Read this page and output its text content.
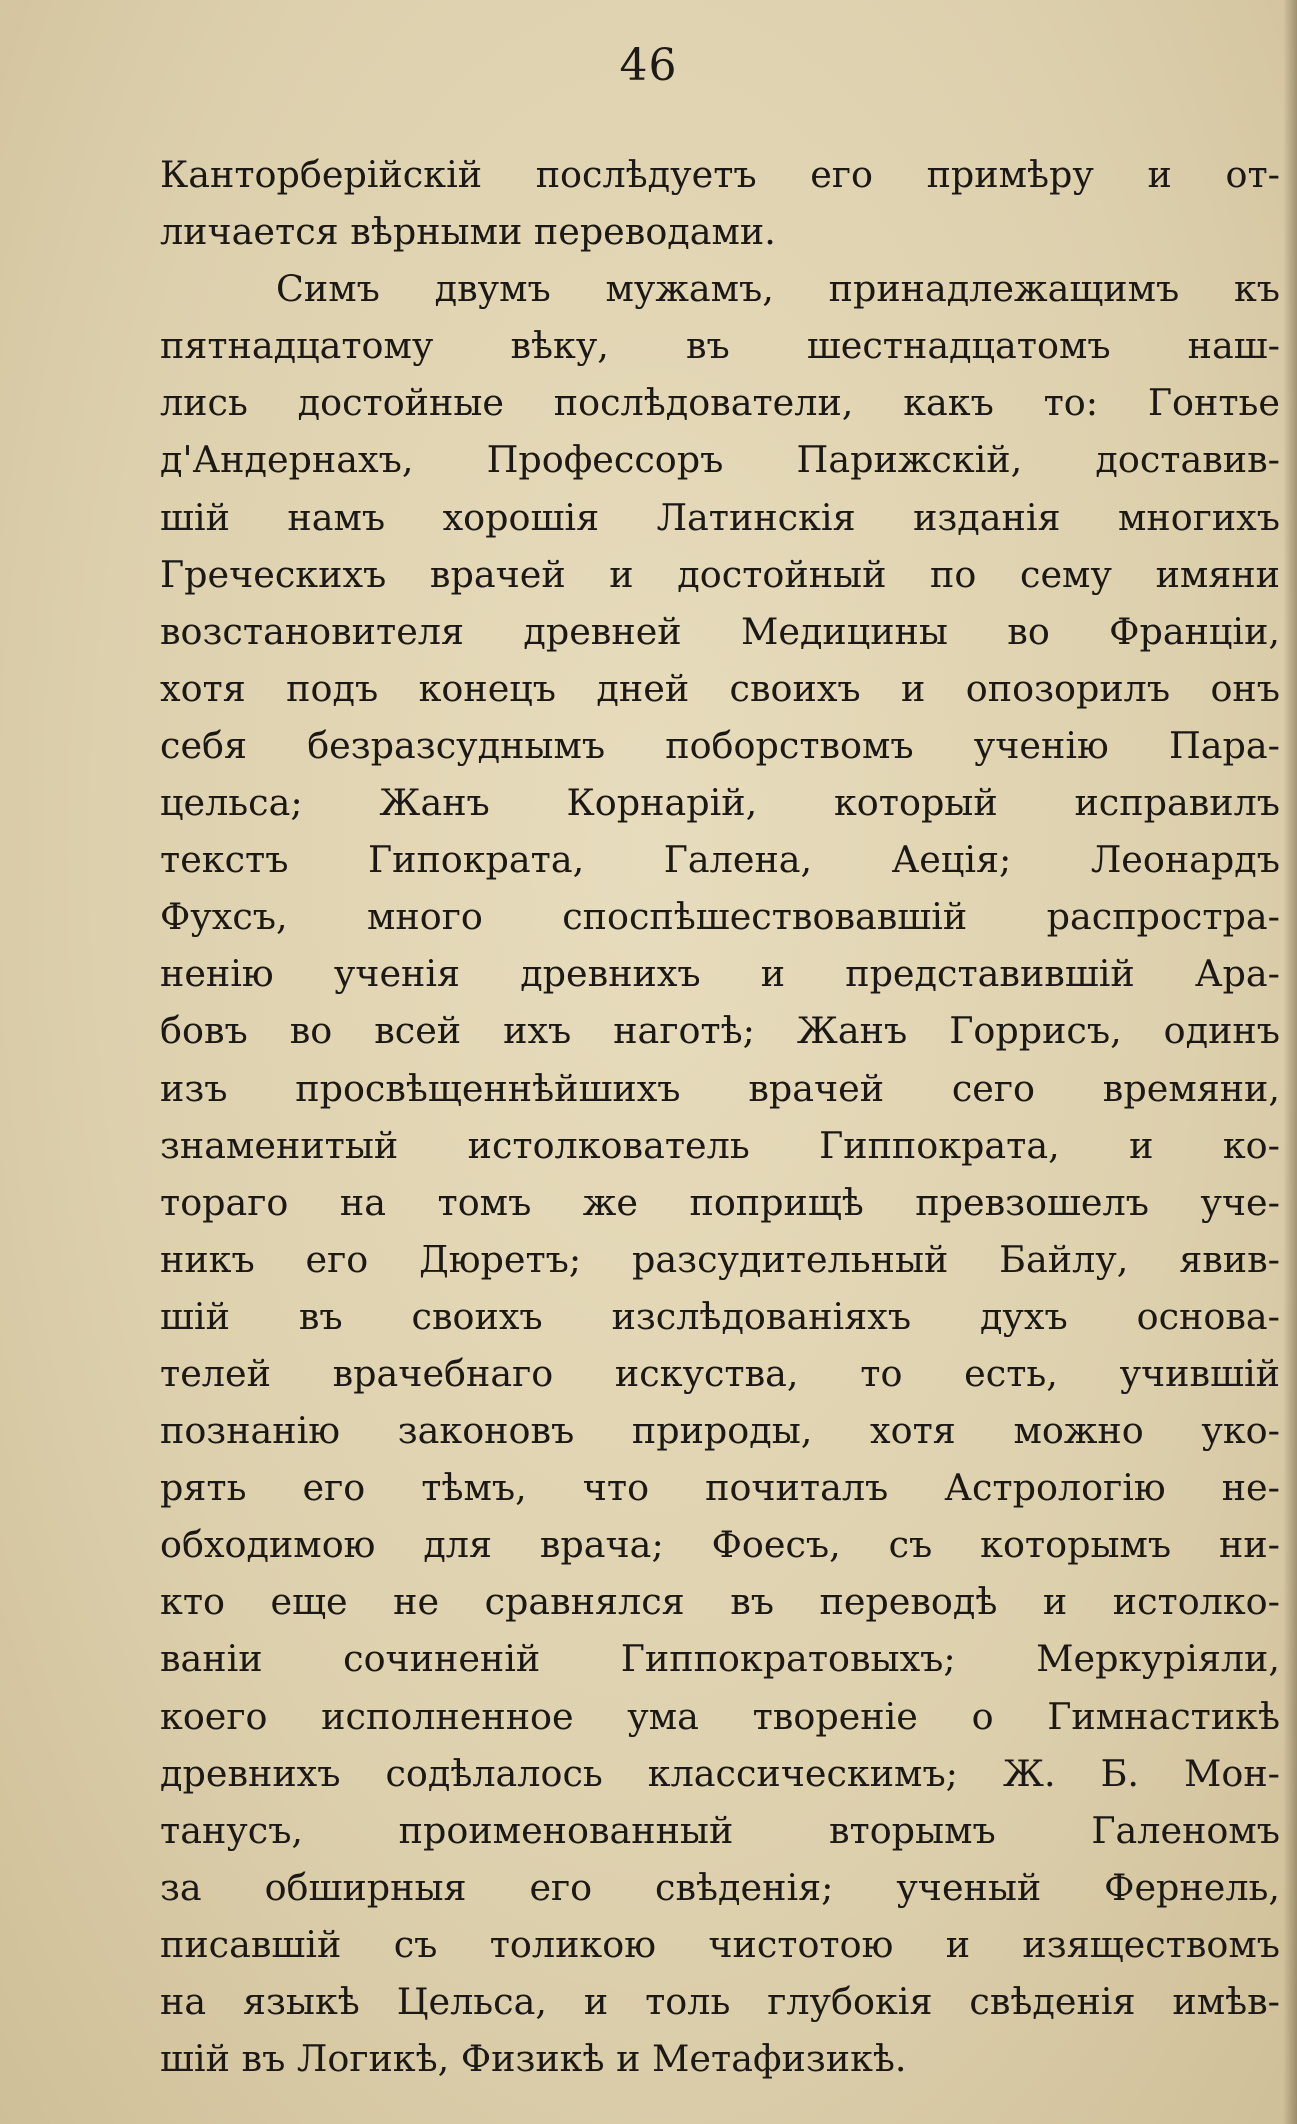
46
Канторберійскій послѣдуетъ его примѣру и от-
личается вѣрными переводами.
Симъ двумъ мужамъ, принадлежащимъ къ
пятнадцатому вѣку, въ шестнадцатомъ наш-
лись достойные послѣдователи, какъ то: Гонтье
д'Андернахъ, Профессоръ Парижскій, доставив-
шій намъ хорошія Латинскія изданія многихъ
Греческихъ врачей и достойный по сему имяни
возстановителя древней Медицины во Франціи,
хотя подъ конецъ дней своихъ и опозорилъ онъ
себя безразсуднымъ поборствомъ ученію Пара-
цельса; Жанъ Корнарій, который исправилъ
текстъ Гипократа, Галена, Аеція; Леонардъ
Фухсъ, много споспѣшествовавшій распростра-
ненію ученія древнихъ и представившій Ара-
бовъ во всей ихъ наготѣ; Жанъ Горрисъ, одинъ
изъ просвѣщеннѣйшихъ врачей сего времяни,
знаменитый истолкователь Гиппократа, и ко-
тораго на томъ же поприщѣ превзошелъ уче-
никъ его Дюретъ; разсудительный Байлу, явив-
шій въ своихъ изслѣдованіяхъ духъ основа-
телей врачебнаго искуства, то есть, учившій
познанію законовъ природы, хотя можно уко-
рять его тѣмъ, что почиталъ Астрологію не-
обходимою для врача; Фоесъ, съ которымъ ни-
кто еще не сравнялся въ переводѣ и истолко-
ваніи сочиненій Гиппократовыхъ; Меркуріяли,
коего исполненное ума твореніе о Гимнастикѣ
древнихъ содѣлалось классическимъ; Ж. Б. Мон-
танусъ, проименованный вторымъ Галеномъ
за обширныя его свѣденія; ученый Фернель,
писавшій съ толикою чистотою и изяществомъ
на языкѣ Цельса, и толь глубокія свѣденія имѣв-
шій въ Логикѣ, Физикѣ и Метафизикѣ.
